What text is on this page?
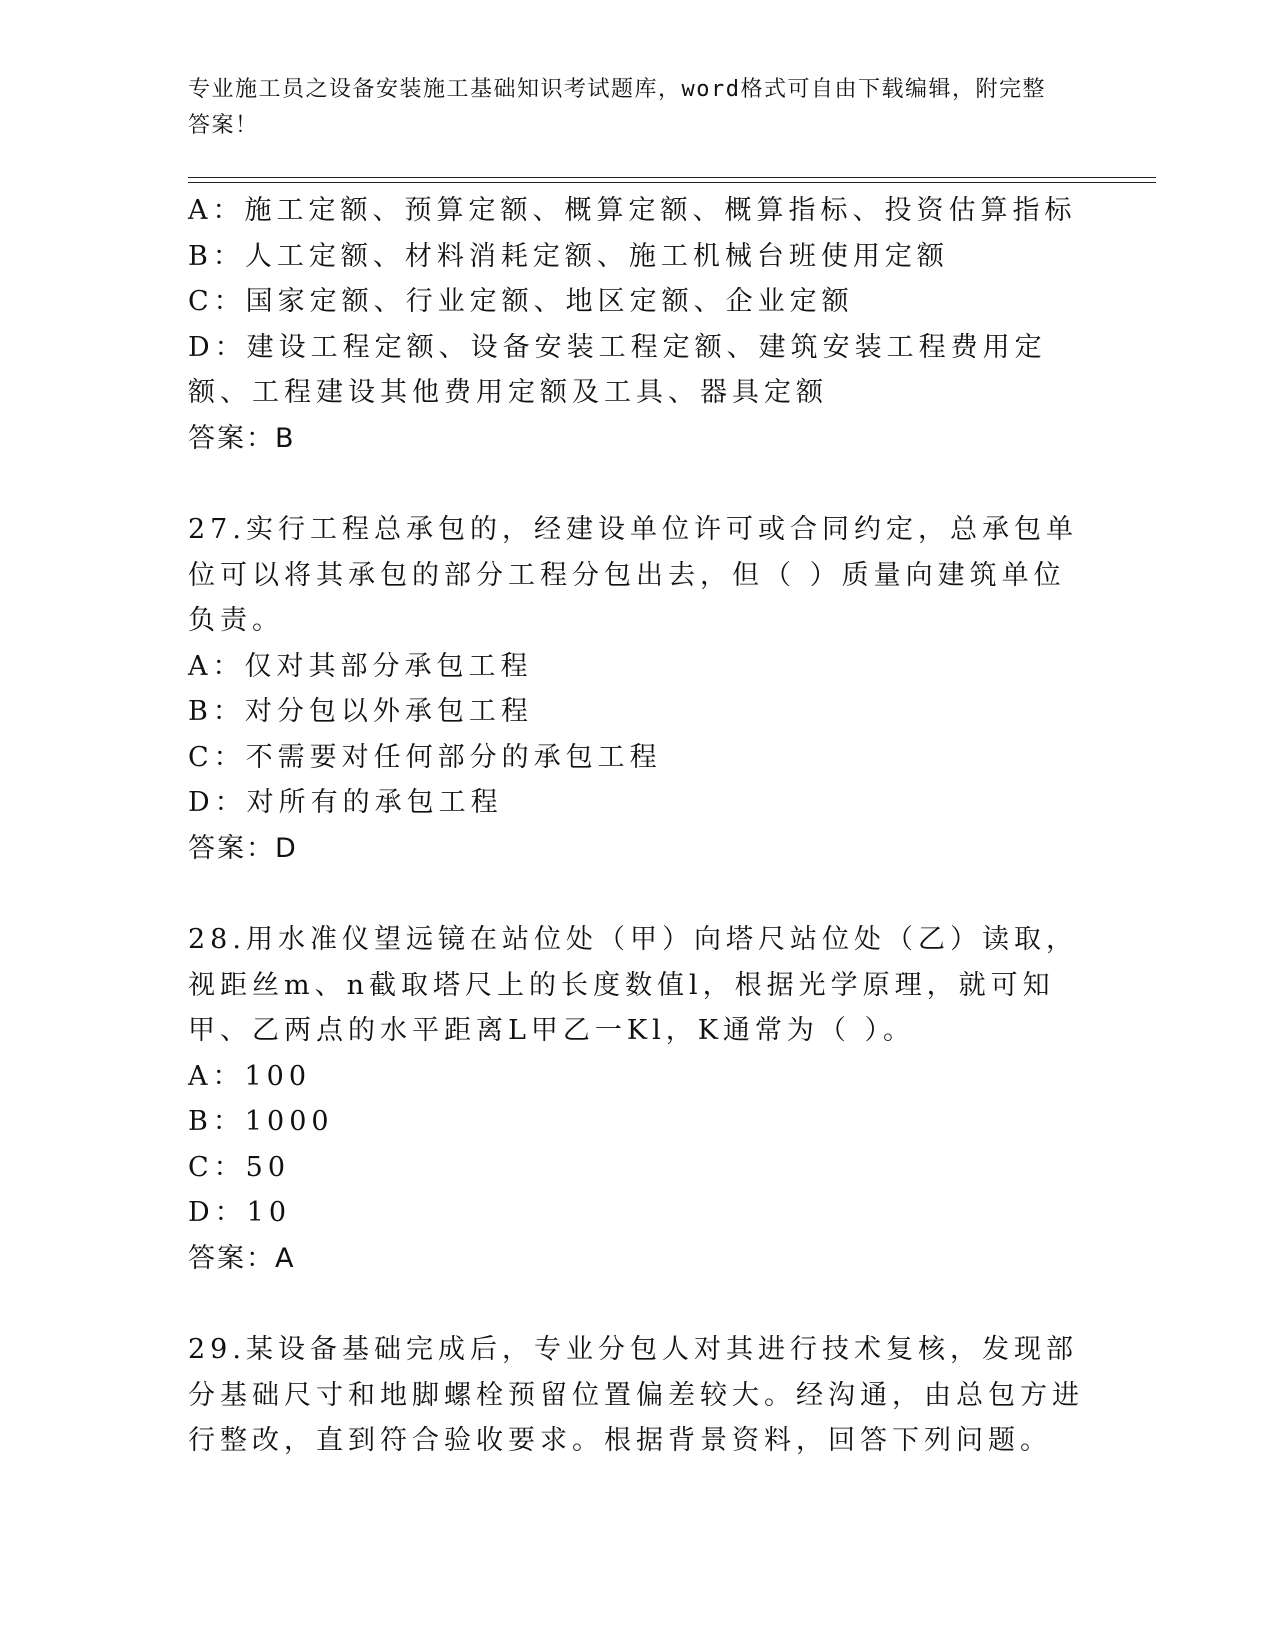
专业施工员之设备安装施工基础知识考试题库，word格式可自由下载编辑，附完整答案！

A：施工定额、预算定额、概算定额、概算指标、投资估算指标

B：人工定额、材料消耗定额、施工机械台班使用定额

C：国家定额、行业定额、地区定额、企业定额

D：建设工程定额、设备安装工程定额、建筑安装工程费用定额、工程建设其他费用定额及工具、器具定额

答案：B

27.实行工程总承包的，经建设单位许可或合同约定，总承包单位可以将其承包的部分工程分包出去，但（ ）质量向建筑单位负责。

A：仅对其部分承包工程

B：对分包以外承包工程

C：不需要对任何部分的承包工程

D：对所有的承包工程

答案：D

28.用水准仪望远镜在站位处（甲）向塔尺站位处（乙）读取，视距丝m、n截取塔尺上的长度数值l，根据光学原理，就可知甲、乙两点的水平距离L甲乙一Kl，K通常为（ ）。

A：100

B：1000

C：50

D：10

答案：A

29.某设备基础完成后，专业分包人对其进行技术复核，发现部分基础尺寸和地脚螺栓预留位置偏差较大。经沟通，由总包方进行整改，直到符合验收要求。根据背景资料，回答下列问题。
